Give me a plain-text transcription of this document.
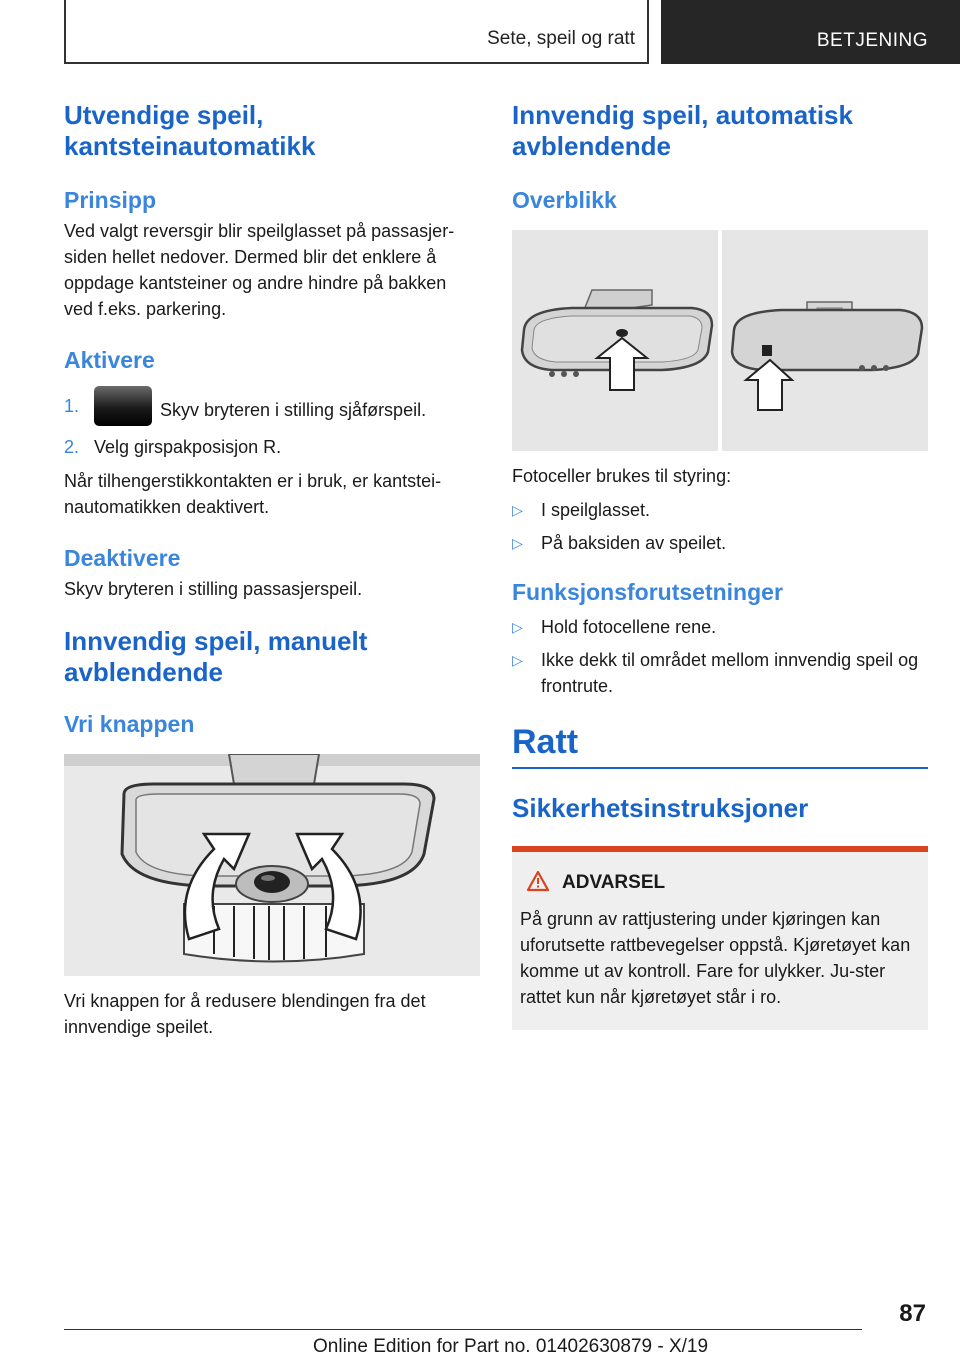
Sete, speil og ratt	BETJENING
Utvendige speil, kantsteinautomatikk
Prinsipp

Ved valgt reversgir blir speilglasset på passasjer-siden hellet nedover. Dermed blir det enklere å oppdage kantsteiner og andre hindre på bakken ved f.eks. parkering.

Aktivere
1.	Skyv bryteren i stilling sjåførspeil.
2. Velg girspakposisjon R.

Når tilhengerstikkontakten er i bruk, er kantstei-nautomatikken deaktivert.

Deaktivere

Skyv bryteren i stilling passasjerspeil.

Innvendig speil, manuelt avblendende
Vri knappen

Vri knappen for å redusere blendingen fra det innvendige speilet.

Innvendig speil, automatisk avblendende
Overblikk

Fotoceller brukes til styring:

▷ I speilglasset.
▷ På baksiden av speilet.
Funksjonsforutsetninger
▷ Hold fotocellene rene.
▷ Ikke dekk til området mellom innvendig speil og frontrute.
Ratt
Sikkerhetsinstruksjoner
ADVARSEL

På grunn av rattjustering under kjøringen kan uforutsette rattbevegelser oppstå. Kjøretøyet kan komme ut av kontroll. Fare for ulykker. Ju-ster rattet kun når kjøretøyet står i ro.

87
Online Edition for Part no. 01402630879 - X/19
